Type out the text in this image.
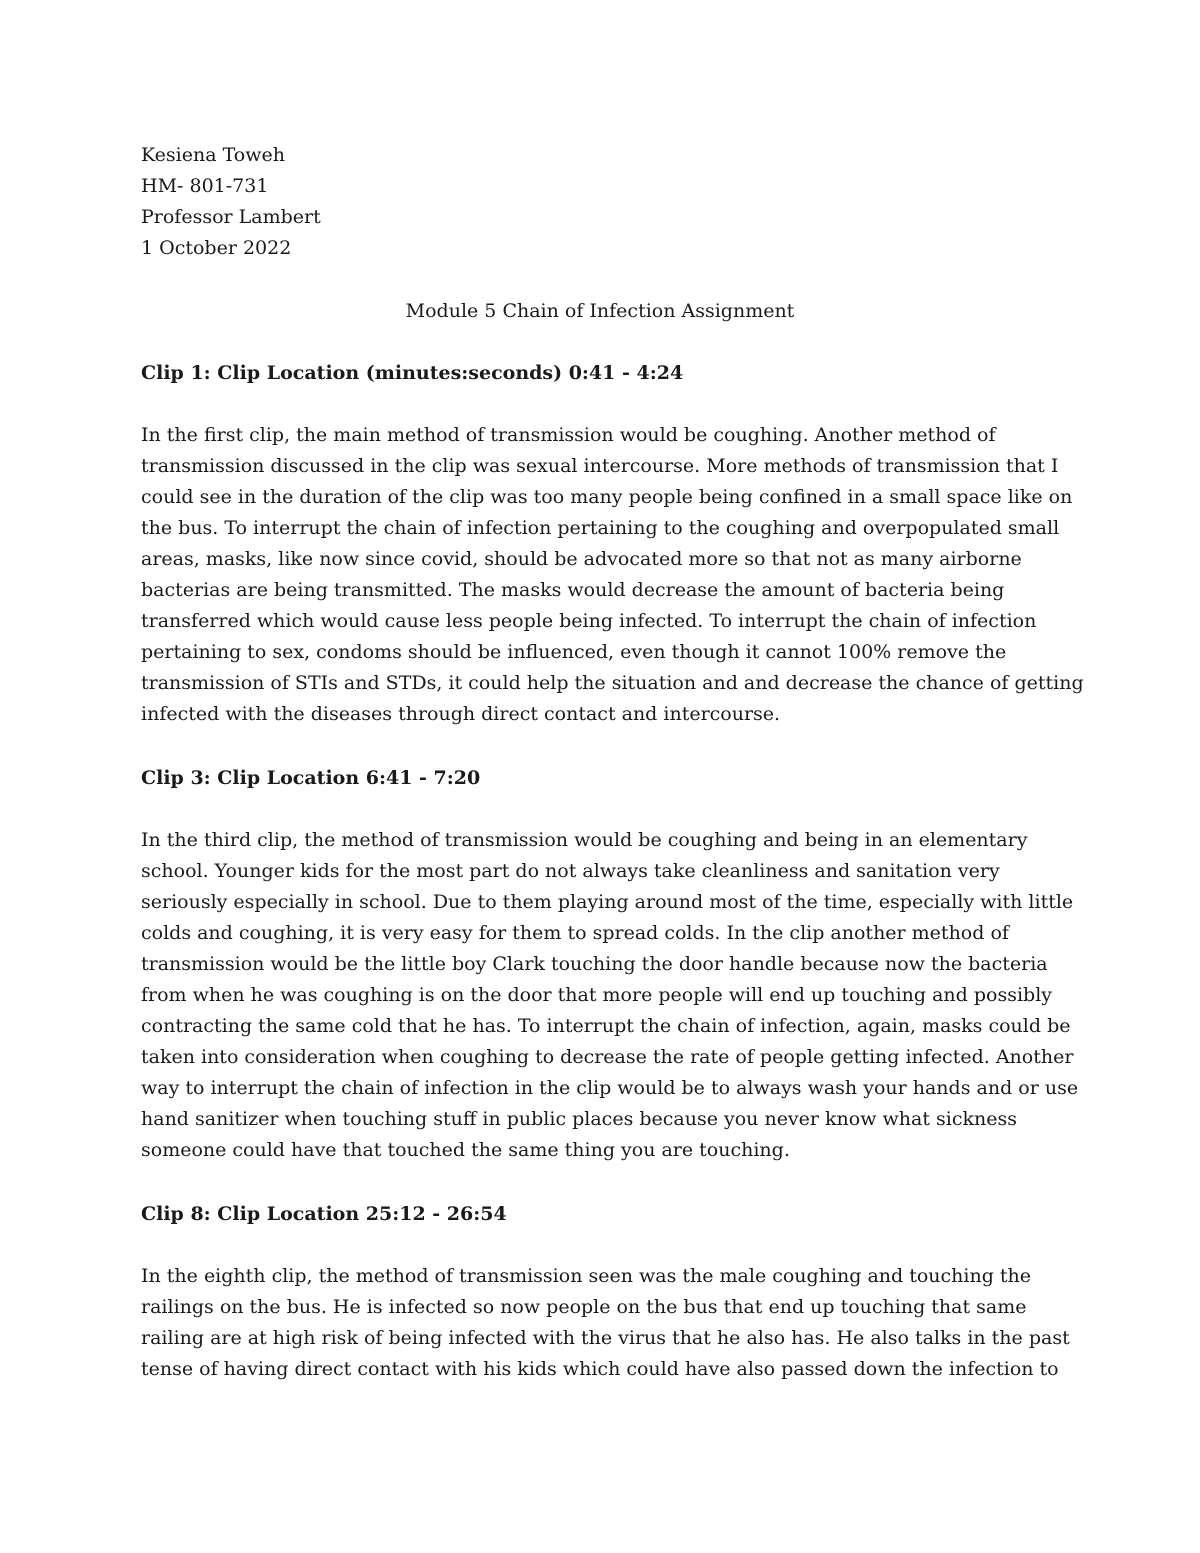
Kesiena Toweh
HM- 801-731
Professor Lambert
1 October 2022
Module 5 Chain of Infection Assignment
Clip 1: Clip Location (minutes:seconds) 0:41 - 4:24
In the first clip, the main method of transmission would be coughing. Another method of
transmission discussed in the clip was sexual intercourse. More methods of transmission that I
could see in the duration of the clip was too many people being confined in a small space like on
the bus. To interrupt the chain of infection pertaining to the coughing and overpopulated small
areas, masks, like now since covid, should be advocated more so that not as many airborne
bacterias are being transmitted. The masks would decrease the amount of bacteria being
transferred which would cause less people being infected. To interrupt the chain of infection
pertaining to sex, condoms should be influenced, even though it cannot 100% remove the
transmission of STIs and STDs, it could help the situation and and decrease the chance of getting
infected with the diseases through direct contact and intercourse.
Clip 3: Clip Location 6:41 - 7:20
In the third clip, the method of transmission would be coughing and being in an elementary
school. Younger kids for the most part do not always take cleanliness and sanitation very
seriously especially in school. Due to them playing around most of the time, especially with little
colds and coughing, it is very easy for them to spread colds. In the clip another method of
transmission would be the little boy Clark touching the door handle because now the bacteria
from when he was coughing is on the door that more people will end up touching and possibly
contracting the same cold that he has. To interrupt the chain of infection, again, masks could be
taken into consideration when coughing to decrease the rate of people getting infected. Another
way to interrupt the chain of infection in the clip would be to always wash your hands and or use
hand sanitizer when touching stuff in public places because you never know what sickness
someone could have that touched the same thing you are touching.
Clip 8: Clip Location 25:12 - 26:54
In the eighth clip, the method of transmission seen was the male coughing and touching the
railings on the bus. He is infected so now people on the bus that end up touching that same
railing are at high risk of being infected with the virus that he also has. He also talks in the past
tense of having direct contact with his kids which could have also passed down the infection to
